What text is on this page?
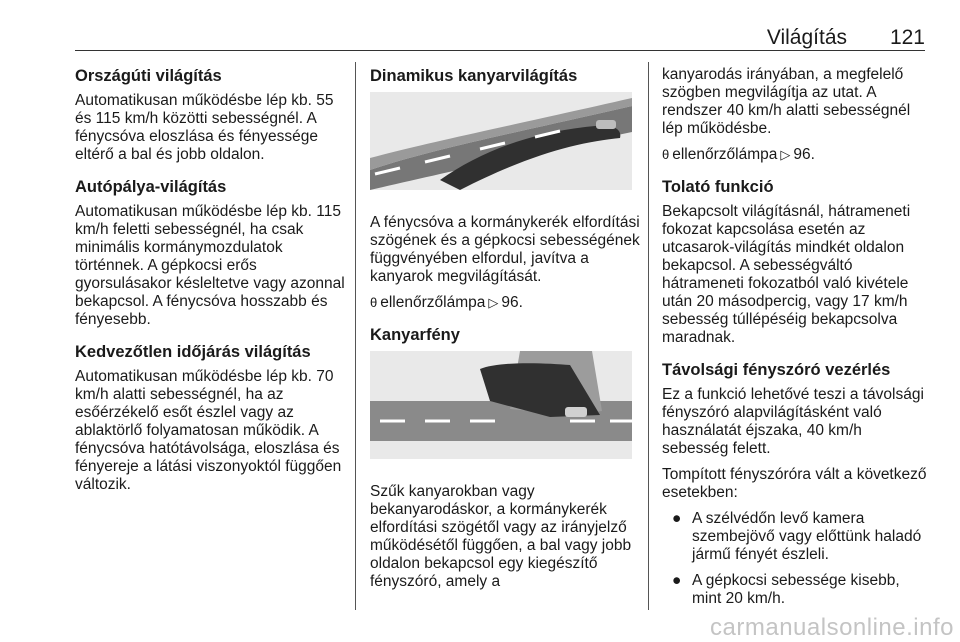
Világítás 121
Országúti világítás
Automatikusan működésbe lép kb. 55 és 115 km/h közötti sebességnél. A fénycsóva eloszlása és fényessége eltérő a bal és jobb oldalon.
Autópálya-világítás
Automatikusan működésbe lép kb. 115 km/h feletti sebességnél, ha csak minimális kormánymozdulatok történnek. A gépkocsi erős gyorsulásakor késleltetve vagy azonnal bekapcsol. A fénycsóva hosszabb és fényesebb.
Kedvezőtlen időjárás világítás
Automatikusan működésbe lép kb. 70 km/h alatti sebességnél, ha az esőérzékelő esőt észlel vagy az ablaktörlő folyamatosan működik. A fénycsóva hatótávolsága, eloszlása és fényereje a látási viszonyoktól függően változik.
Dinamikus kanyarvilágítás
A fénycsóva a kormánykerék elfordítási szögének és a gépkocsi sebességének függvényében elfordul, javítva a kanyarok megvilágítását.
θ ellenőrzőlámpa ▷ 96.
Kanyarfény
Szűk kanyarokban vagy bekanyarodáskor, a kormánykerék elfordítási szögétől vagy az irányjelző működésétől függően, a bal vagy jobb oldalon bekapcsol egy kiegészítő fényszóró, amely a
kanyarodás irányában, a megfelelő szögben megvilágítja az utat. A rendszer 40 km/h alatti sebességnél lép működésbe.
θ ellenőrzőlámpa ▷ 96.
Tolató funkció
Bekapcsolt világításnál, hátrameneti fokozat kapcsolása esetén az utcasarok-világítás mindkét oldalon bekapcsol. A sebességváltó hátrameneti fokozatból való kivétele után 20 másodpercig, vagy 17 km/h sebesség túllépéséig bekapcsolva maradnak.
Távolsági fényszóró vezérlés
Ez a funkció lehetővé teszi a távolsági fényszóró alapvilágításként való használatát éjszaka, 40 km/h sebesség felett.
Tompított fényszóróra vált a következő esetekben:
● A szélvédőn levő kamera szembejövő vagy előttünk haladó jármű fényét észleli.
● A gépkocsi sebessége kisebb, mint 20 km/h.
carmanualsonline.info
